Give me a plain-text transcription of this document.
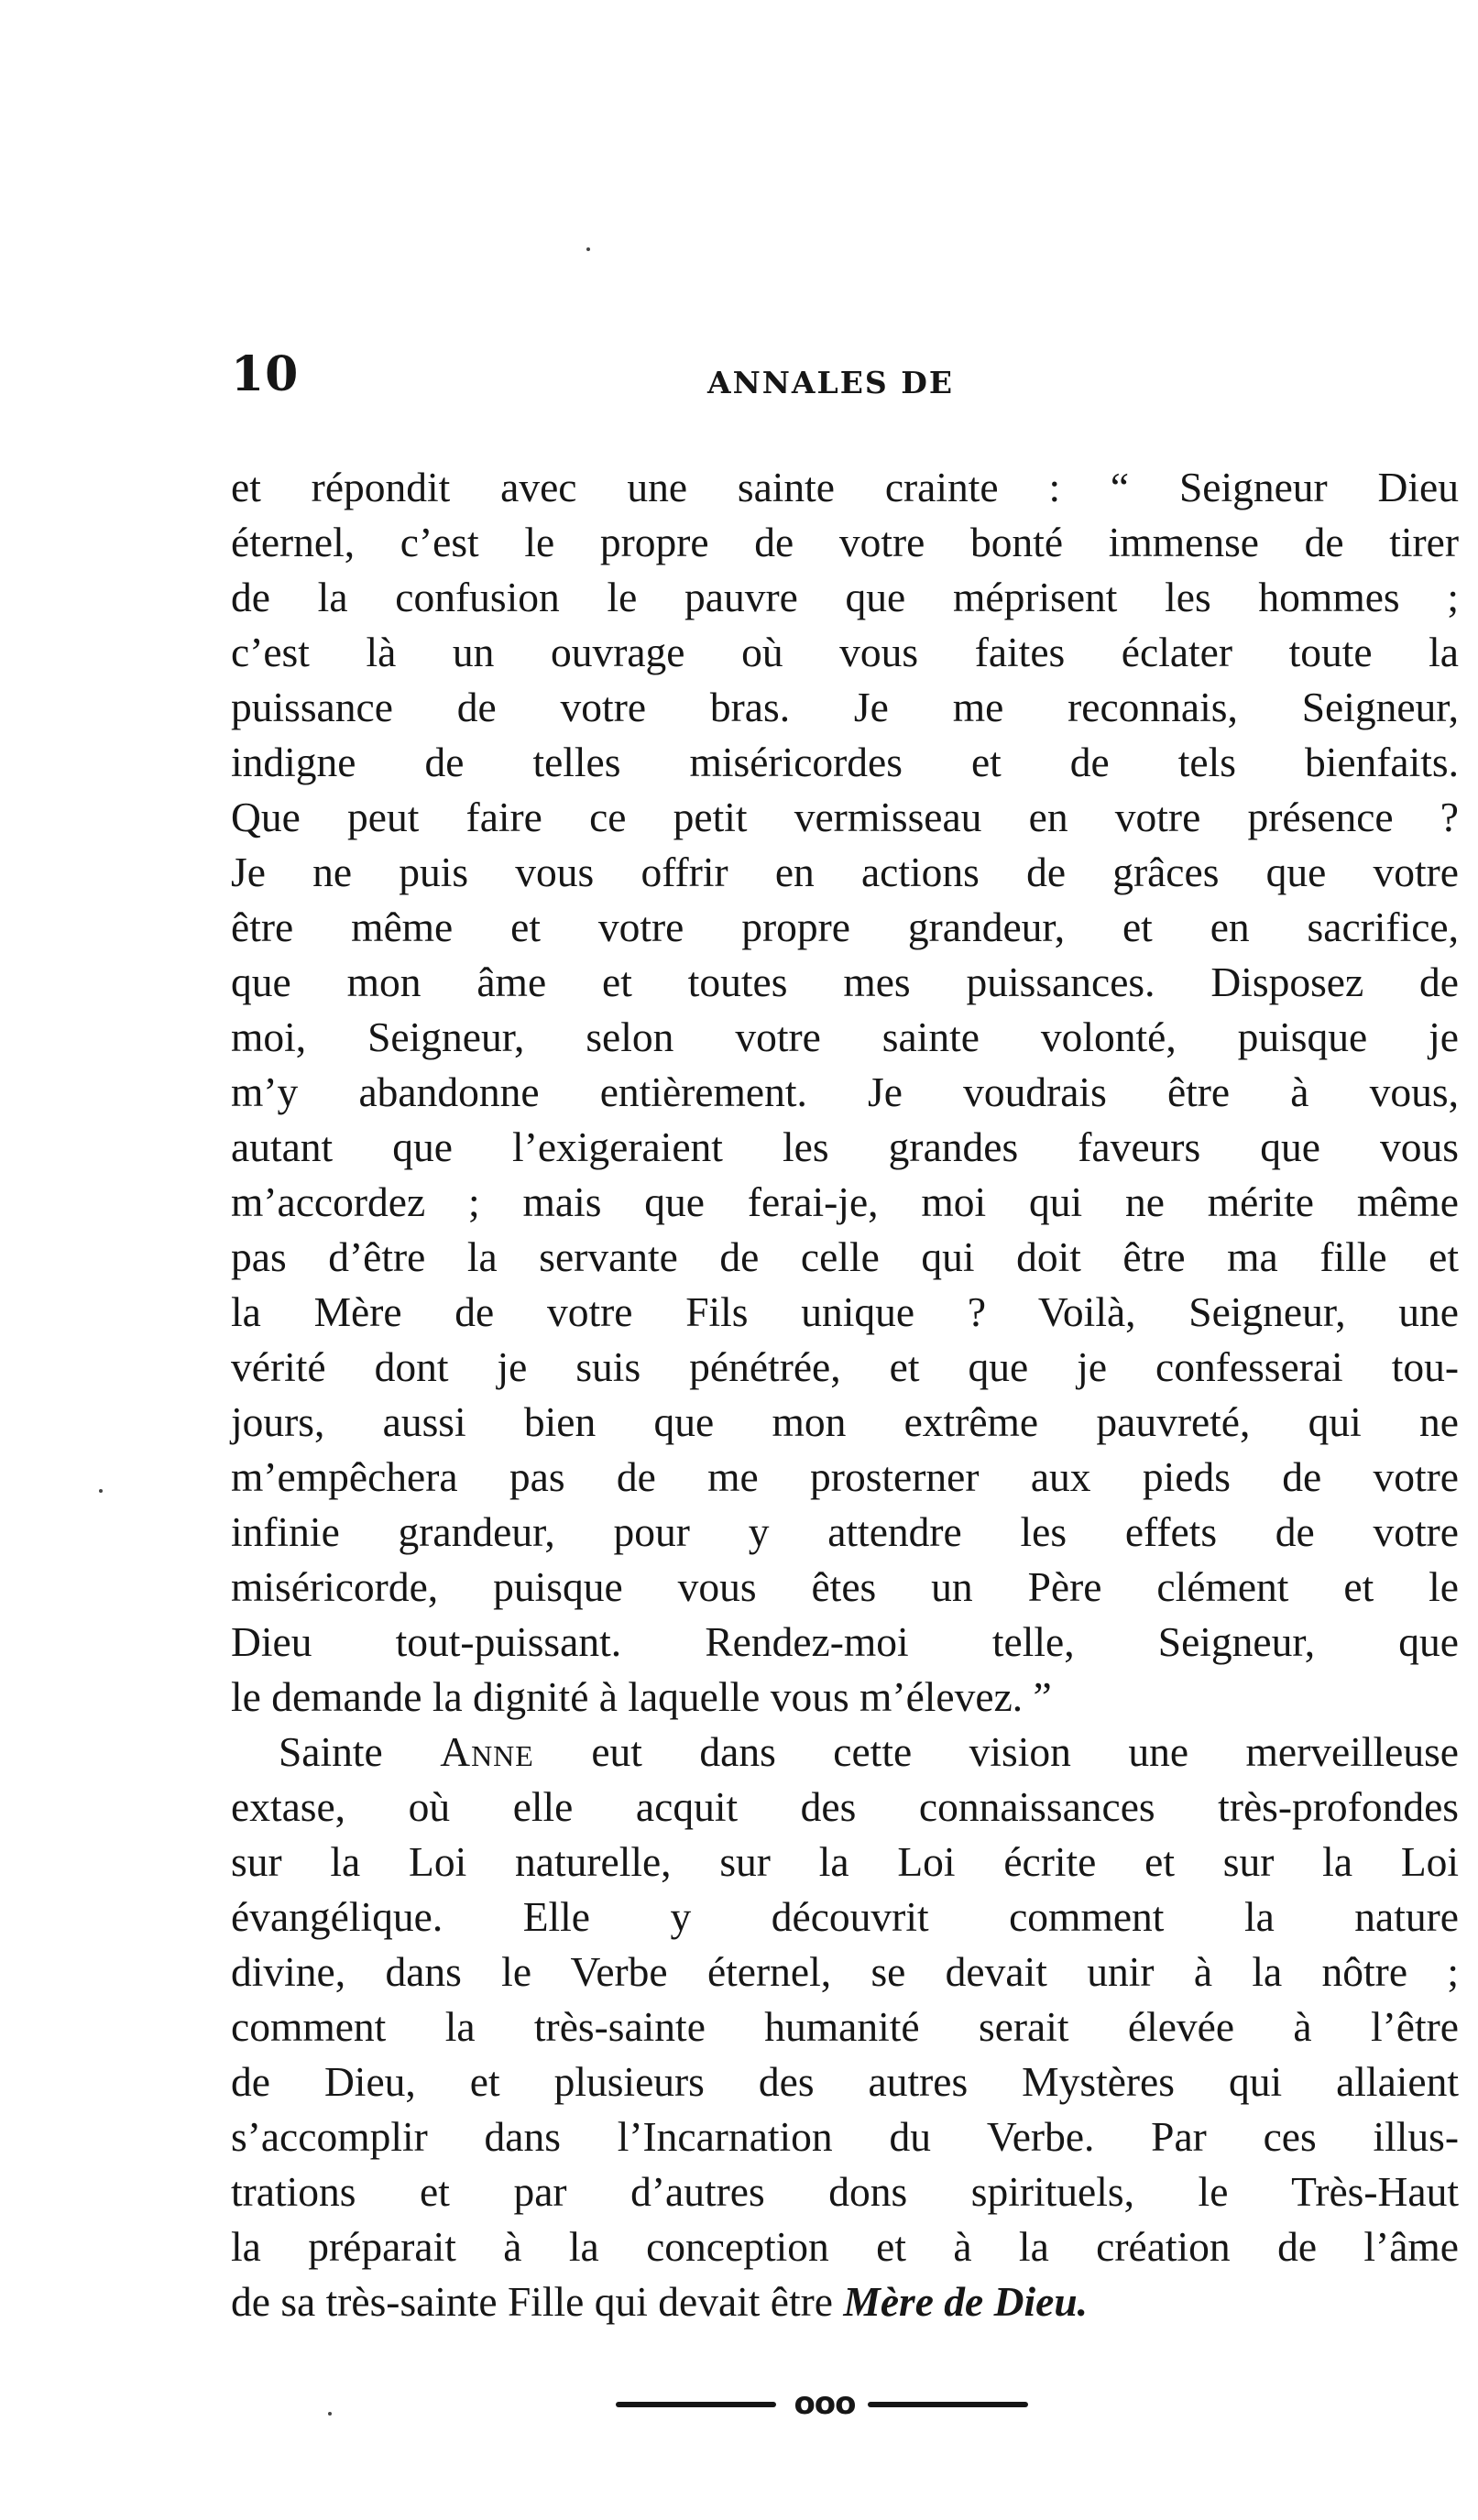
10	ANNALES DE
et répondit avec une sainte crainte : “ Seigneur Dieu
éternel, c’est le propre de votre bonté immense de tirer
de la confusion le pauvre que méprisent les hommes ;
c’est là un ouvrage où vous faites éclater toute la
puissance de votre bras. Je me reconnais, Seigneur,
indigne de telles miséricordes et de tels bienfaits.
Que peut faire ce petit vermisseau en votre présence ?
Je ne puis vous offrir en actions de grâces que votre
être même et votre propre grandeur, et en sacrifice,
que mon âme et toutes mes puissances. Disposez de
moi, Seigneur, selon votre sainte volonté, puisque je
m’y abandonne entièrement. Je voudrais être à vous,
autant que l’exigeraient les grandes faveurs que vous
m’accordez ; mais que ferai-je, moi qui ne mérite même
pas d’être la servante de celle qui doit être ma fille et
la Mère de votre Fils unique ? Voilà, Seigneur, une
vérité dont je suis pénétrée, et que je confesserai tou-
jours, aussi bien que mon extrême pauvreté, qui ne
m’empêchera pas de me prosterner aux pieds de votre
infinie grandeur, pour y attendre les effets de votre
miséricorde, puisque vous êtes un Père clément et le
Dieu tout-puissant. Rendez-moi telle, Seigneur, que
le demande la dignité à laquelle vous m’élevez. ”
Sainte Anne eut dans cette vision une merveilleuse
extase, où elle acquit des connaissances très-profondes
sur la Loi naturelle, sur la Loi écrite et sur la Loi
évangélique. Elle y découvrit comment la nature
divine, dans le Verbe éternel, se devait unir à la nôtre ;
comment la très-sainte humanité serait élevée à l’être
de Dieu, et plusieurs des autres Mystères qui allaient
s’accomplir dans l’Incarnation du Verbe. Par ces illus-
trations et par d’autres dons spirituels, le Très-Haut
la préparait à la conception et à la création de l’âme
de sa très-sainte Fille qui devait être Mère de Dieu.
ooo
